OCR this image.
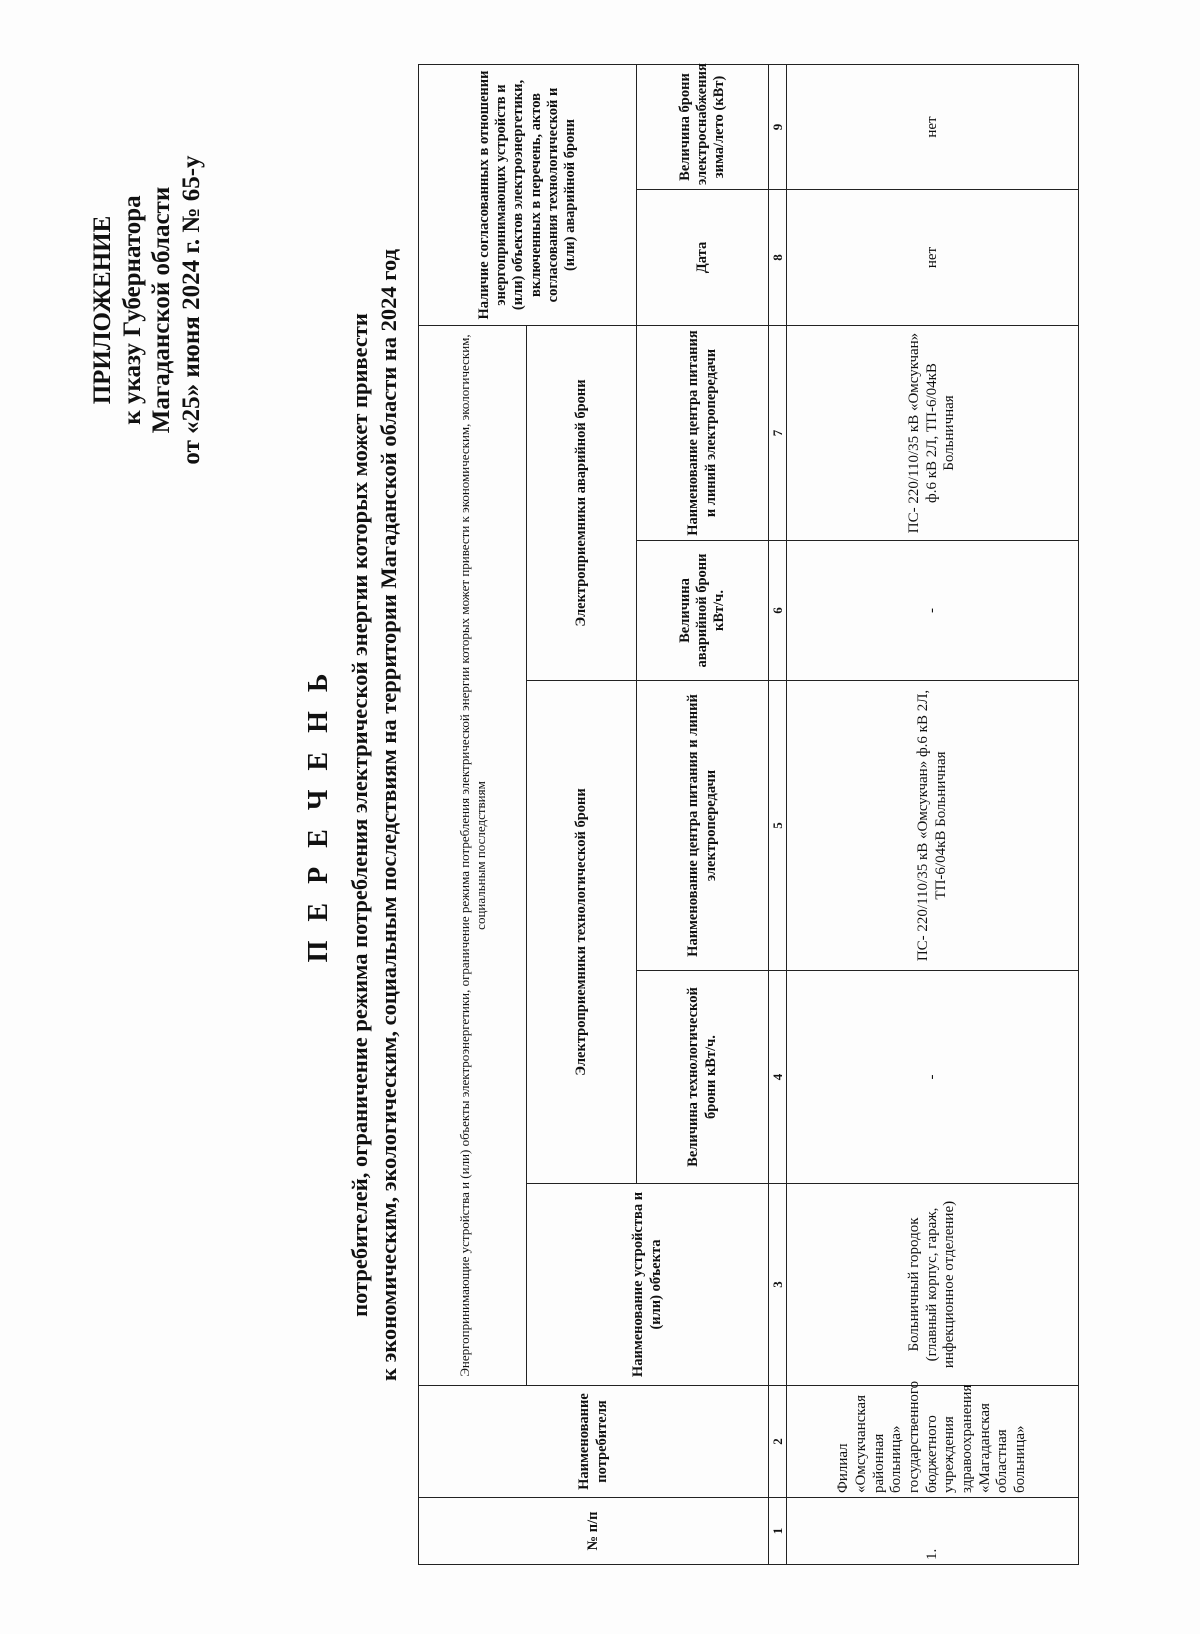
ПРИЛОЖЕНИЕ к указу Губернатора Магаданской области от «25» июня 2024 г. № 65-у
П Е Р Е Ч Е Н Ь потребителей, ограничение режима потребления электрической энергии которых может привести к экономическим, экологическим, социальным последствиям на территории Магаданской области на 2024 год
№ п/п	Наименование потребителя	Энергопринимающие устройства и (или) объекты электроэнергетики, ограничение режима потребления электрической энергии которых может привести к экономическим, экологическим, социальным последствиям					Наличие согласованных в отношении энергопринимающих устройств и (или) объектов электроэнергетики, включенных в перечень, актов согласования технологической и (или) аварийной брони	
		Наименование устройства и (или) объекта	Электроприемники технологической брони		Электроприемники аварийной брони			
			Величина технологической брони кВт/ч.	Наименование центра питания и линий электропередачи	Величина аварийной брони кВт/ч.	Наименование центра питания и линий электропередачи	Дата	Величина брони электроснабжения зима/лето (кВт)
1	2	3	4	5	6	7	8	9
1.	Филиал «Омсукчанская районная больница» государственного бюджетного учреждения здравоохранения «Магаданская областная больница»	Больничный городок (главный корпус, гараж, инфекционное отделение)	-	ПС- 220/110/35 кВ «Омсукчан» ф.6 кВ 2Л, ТП-6/04кВ Больничная	-	ПС- 220/110/35 кВ «Омсукчан» ф.6 кВ 2Л, ТП-6/04кВ Больничная	нет	нет
